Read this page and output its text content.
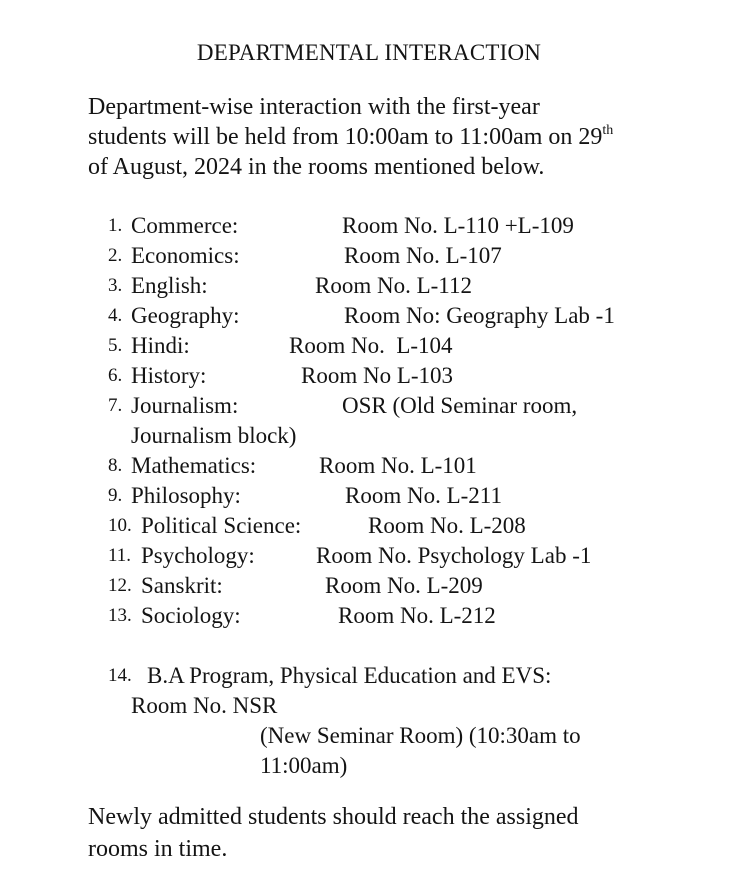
DEPARTMENTAL INTERACTION
Department-wise interaction with the first-year
students will be held from 10:00am to 11:00am on 29th
of August, 2024 in the rooms mentioned below.
1. Commerce:	Room No. L-110 +L-109
2. Economics:	Room No. L-107
3. English:	Room No. L-112
4. Geography:	Room No: Geography Lab -1
5. Hindi:	Room No.  L-104
6. History:	Room No L-103
7. Journalism:	OSR (Old Seminar room,
Journalism block)
8. Mathematics:	Room No. L-101
9. Philosophy:	Room No. L-211
10. Political Science:	Room No. L-208
11. Psychology:	Room No. Psychology Lab -1
12. Sanskrit:	Room No. L-209
13. Sociology:	Room No. L-212
14. B.A Program, Physical Education and EVS:
Room No. NSR
(New Seminar Room) (10:30am to
11:00am)
Newly admitted students should reach the assigned
rooms in time.
